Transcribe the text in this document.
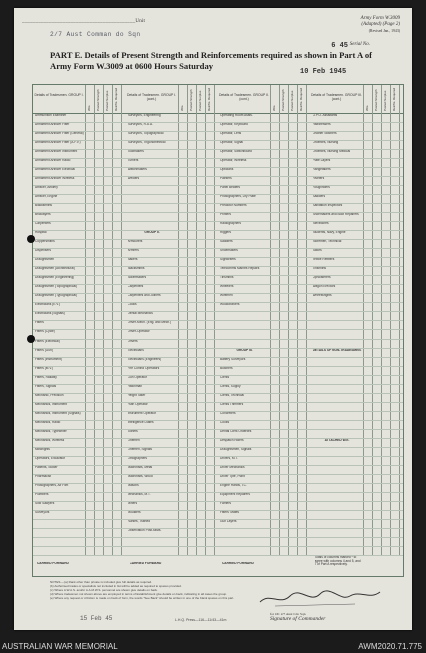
__________________________________________Unit
2/7 Aust Comman do Sqn
Army Form W.3009
(Adapted) (Page 2)
(Revised Jan., 1943)
6 45 Serial No.
PART E. Details of Present Strength and Reinforcements required as shown in Part A of Army Form W.3009 at 0600 Hours Saturday
10 Feb 1945
Details of Tradesmen. GROUP I.
W.E. Posted Strength Posted Surplus Reinfts. Required
Ammunition Examiner
Armament Artificer Fitter
Armament Artificer Fitter (General)
Armament Artificer Fitter (A.F.V.)
Armament Artificer Instrument
Armament Artificer Radio
Armament Artificer Electrical
Armament Artificer Wireless
Artificer, Artillery
Artificer, Engine
Blacksmiths
Bricklayers
Carpenters
Hospital
Coppersmiths
Dispensers
Draughtsmen
Draughtsmen (Architectural)
Draughtsmen (Engineering)
Draughtsmen (Topographical)
Draughtsmen (Typographical)
Electricians (E.V.)
Electricians (Signals)
Fitters
Fitters (Cycle)
Fitters (Electrical)
Fitters (Gun)
Fitters (Instrument)
Fitters (M.V.)
Fitters, Railway
Fitters, Signals
Mechanic, Precision
Mechanics, Instrument
Mechanics, Instrument (Signals)
Mechanics, Radio
Mechanics, Typewriter
Mechanics, Wireless
Millwrights
Operators, Excavator
Patients, Stoker
Pharmacist
Photographers, Air Film
Plumbers
Sow Sawyers
Surveyors
Details of Tradesmen. GROUP I. (cont.)
W.E. Posted Strength Posted Surplus Reinfts. Required
Surveyors, Engineering
Surveyors, R.A.A.
Surveyors, Topographical
Surveyors, Trigonometrical
Toolmakers
Turners
Watchmakers
Welders
GROUP II.
Armourers
Armrers
Bakers
Blacksmiths
Boilermakers
Carpenters
Carpenters and Joiners
Cooks
Dental Mechanics
Driver-Mech. (Eng. and Mech.)
Driver-Operator
Drivers
Electricians
Electricians (Engineers)
Fire Control Operators
Gun Operator
Hatchman
Height Taker
Hutn Operator
Instrument Operator
Intelligence Duties
Joiners
Linemen
Linemen, Signals
Lithographers
Machinists, Metal
Machinists, Wood
Masons
Mechanics, M.T.
Miners
Moulders
Nurses, Trained
Observation Post Assts.
Details of Tradesmen. GROUP II. (cont.)
W.E. Posted Strength Posted Surplus Reinfts. Required
Operating Room Assts.
Operator, Keyboard
Operator, Lens
Operator, Signal
Operator, Switchboard
Operator, Wireless
Opticians
Painters
Panel Beaters
Photographers, Dry Plate
Predictor Numbers
Printers
Radiographers
Riggers
Saddlers
Shoemakers
Signwriters
Telecomms Maintrs Repairs
Tinsmiths
Wheelers
Wiremen
Woodworkers
GROUP III.
Battery Surveyors
Butchers
Clerks
Clerks, Supply
Clerks, Technical
Clerks Trimmers
Concreters
Cooks
Dental Clerk Orderlies
Despatch Riders
Draughtsmen, Signals
Drivers, M.T.
Driver Mechanics
Driver Tpte, Plant
Engine Hands, I.C.
Equipment Repairers
Farriers
Fitters' Mates
Gun Layers
Details of Tradesmen. GROUP III. (cont.)
W.E. Posted Strength Posted Surplus Reinfts. Required
G.P.O. Assistants
Hairdressers
Leather Stitchers
Orderlies, Nursing
Orderlies, Nursing Medical
Plate Layers
Rangetakers
Riveters
Roughriders
Saddlers
Sanitation Inspectors
Shoemakers and Boot Repairers
Stevedores
Students, Navy, Engine
Storemen, Technical
Tailors
Textile Refitters
Tinsmiths
Upholsterers
Wagon Erectors
Wheelwrights
DETAILS OF NON-TRADESMEN.
ATTACHED W.E.
CARRIED FORWARD	CARRIED FORWARD	CARRIED FORWARD
Totals of columns marked * to agree with columns 4 and 5, and 7 of Part A respectively.
NOTES.—(a) Rank other than private is included give full details as required.
(b) Authorised trades or specialists not included in list will be added as required to spaces provided.
(c) Where A.W.A.S. and/or A.A.M.W.S. personnel are shown give details on back.
(d) Where tradesmen not shown above are employed in terms of Establishment give details on back, indicating in all cases the group.
(e) Where any request or criticism is made on back of form, the words "See Back" should be written in one of the blank spaces on this part.
for OC 2/7 Aust Cdo Sqn
Signature of Commander
15 Feb 45	L.H.Q. Press—116—11/43—41m
AUSTRALIAN WAR MEMORIAL	AWM2020.71.775
